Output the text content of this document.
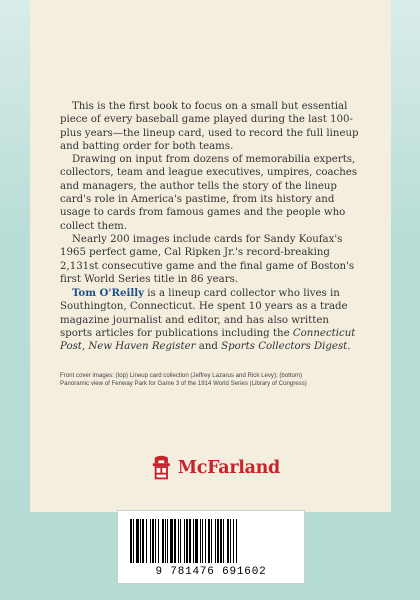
This is the first book to focus on a small but essential piece of every baseball game played during the last 100-plus years—the lineup card, used to record the full lineup and batting order for both teams.

Drawing on input from dozens of memorabilia experts, collectors, team and league executives, umpires, coaches and managers, the author tells the story of the lineup card's role in America's pastime, from its history and usage to cards from famous games and the people who collect them.

Nearly 200 images include cards for Sandy Koufax's 1965 perfect game, Cal Ripken Jr.'s record-breaking 2,131st consecutive game and the final game of Boston's first World Series title in 86 years.

Tom O'Reilly is a lineup card collector who lives in Southington, Connecticut. He spent 10 years as a trade magazine journalist and editor, and has also written sports articles for publications including the Connecticut Post, New Haven Register and Sports Collectors Digest.

Front cover images: (top) Lineup card collection (Jeffrey Lazarus and Rick Levy); (bottom)

Panoramic view of Fenway Park for Game 3 of the 1914 World Series (Library of Congress)

McFarland
9 781476 691602
